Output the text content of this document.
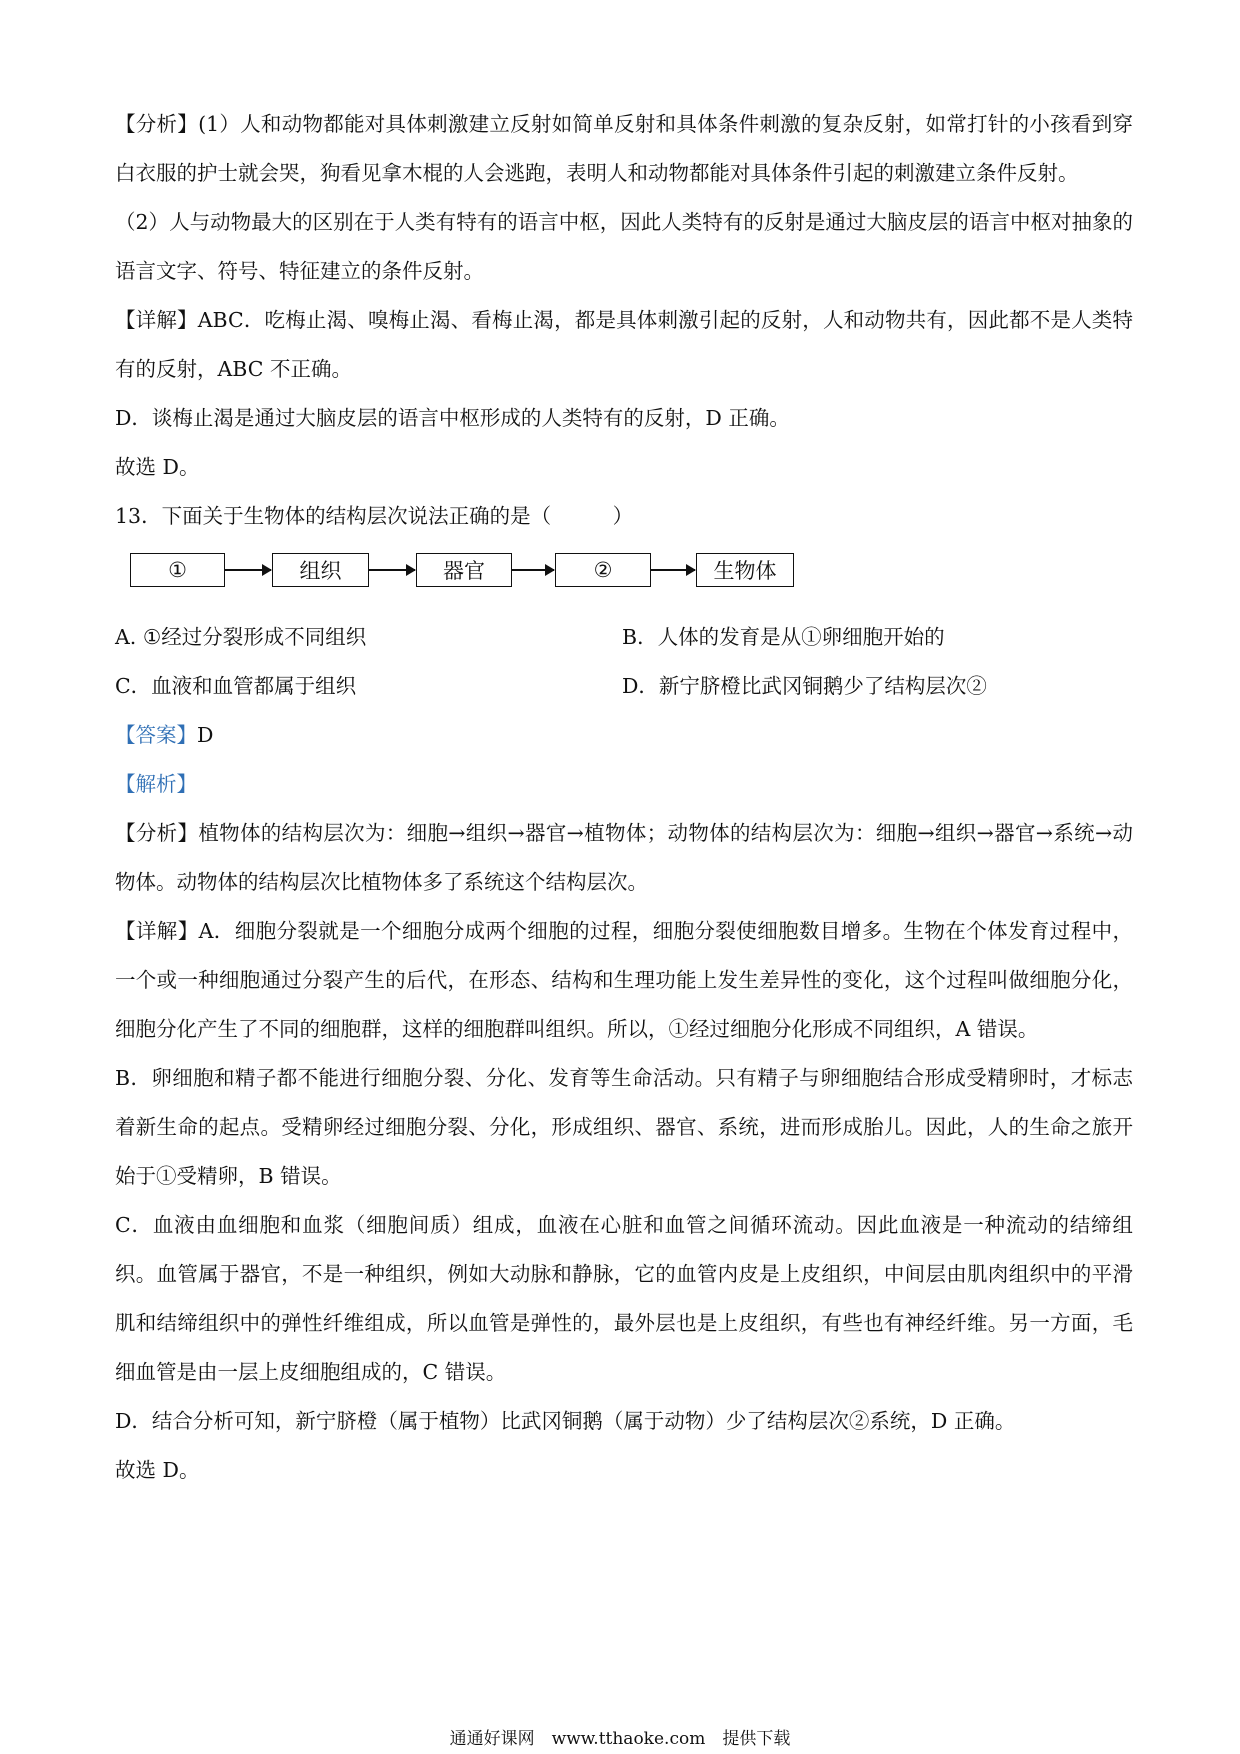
【分析】(1）人和动物都能对具体刺激建立反射如简单反射和具体条件刺激的复杂反射，如常打针的小孩看到穿白衣服的护士就会哭，狗看见拿木棍的人会逃跑，表明人和动物都能对具体条件引起的刺激建立条件反射。

（2）人与动物最大的区别在于人类有特有的语言中枢，因此人类特有的反射是通过大脑皮层的语言中枢对抽象的语言文字、符号、特征建立的条件反射。

【详解】ABC．吃梅止渴、嗅梅止渴、看梅止渴，都是具体刺激引起的反射，人和动物共有，因此都不是人类特有的反射，ABC 不正确。

D．谈梅止渴是通过大脑皮层的语言中枢形成的人类特有的反射，D 正确。

故选 D。

13．下面关于生物体的结构层次说法正确的是（　　　）

①	组织	器官	②	生物体

A. ①经过分裂形成不同组织	B．人体的发育是从①卵细胞开始的

C．血液和血管都属于组织	D．新宁脐橙比武冈铜鹅少了结构层次②

【答案】D

【解析】

【分析】植物体的结构层次为：细胞→组织→器官→植物体；动物体的结构层次为：细胞→组织→器官→系统→动物体。动物体的结构层次比植物体多了系统这个结构层次。

【详解】A．细胞分裂就是一个细胞分成两个细胞的过程，细胞分裂使细胞数目增多。生物在个体发育过程中，一个或一种细胞通过分裂产生的后代，在形态、结构和生理功能上发生差异性的变化，这个过程叫做细胞分化，细胞分化产生了不同的细胞群，这样的细胞群叫组织。所以，①经过细胞分化形成不同组织，A 错误。

B．卵细胞和精子都不能进行细胞分裂、分化、发育等生命活动。只有精子与卵细胞结合形成受精卵时，才标志着新生命的起点。受精卵经过细胞分裂、分化，形成组织、器官、系统，进而形成胎儿。因此，人的生命之旅开始于①受精卵，B 错误。

C．血液由血细胞和血浆（细胞间质）组成，血液在心脏和血管之间循环流动。因此血液是一种流动的结缔组织。血管属于器官，不是一种组织，例如大动脉和静脉，它的血管内皮是上皮组织，中间层由肌肉组织中的平滑肌和结缔组织中的弹性纤维组成，所以血管是弹性的，最外层也是上皮组织，有些也有神经纤维。另一方面，毛细血管是由一层上皮细胞组成的，C 错误。

D．结合分析可知，新宁脐橙（属于植物）比武冈铜鹅（属于动物）少了结构层次②系统，D 正确。

故选 D。

通通好课网　www.tthaoke.com　提供下载
